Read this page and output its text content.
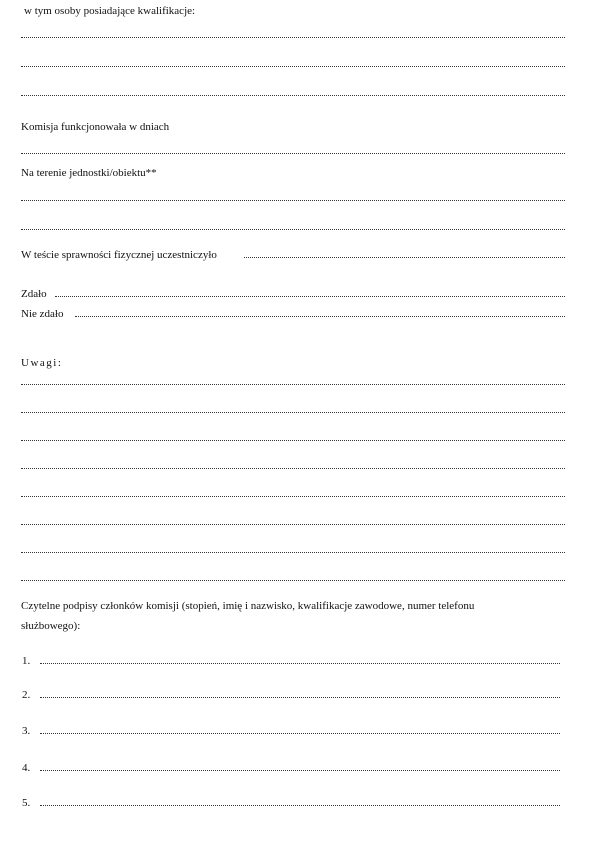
w tym osoby posiadające kwalifikacje:
Komisja funkcjonowała w dniach
Na terenie jednostki/obiektu**
W teście sprawności fizycznej uczestniczyło
Zdało
Nie zdało
Uwagi:
Czytelne podpisy członków komisji (stopień, imię i nazwisko, kwalifikacje zawodowe, numer telefonu
służbowego):
1.
2.
3.
4.
5.
